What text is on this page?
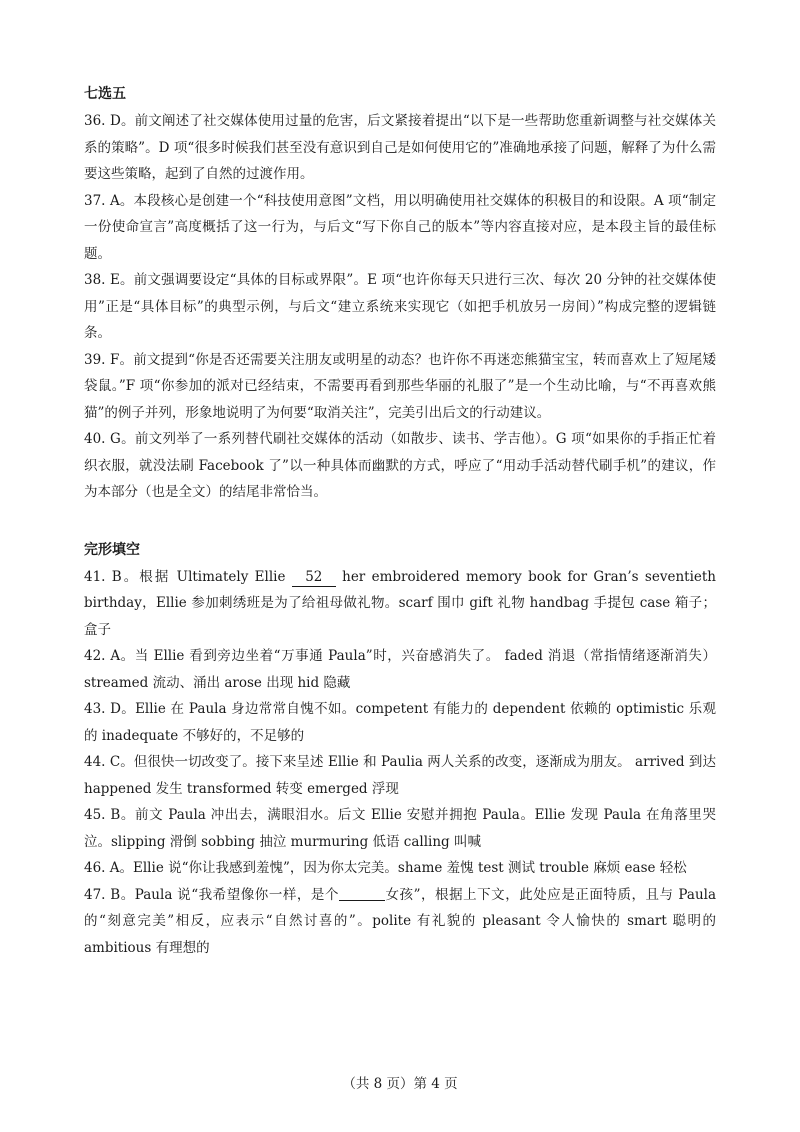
七选五

36. D。前文阐述了社交媒体使用过量的危害，后文紧接着提出“以下是一些帮助您重新调整与社交媒体关系的策略”。D 项“很多时候我们甚至没有意识到自己是如何使用它的”准确地承接了问题，解释了为什么需要这些策略，起到了自然的过渡作用。

37. A。本段核心是创建一个“科技使用意图”文档，用以明确使用社交媒体的积极目的和设限。A 项“制定一份使命宣言”高度概括了这一行为，与后文“写下你自己的版本”等内容直接对应，是本段主旨的最佳标题。

38. E。前文强调要设定“具体的目标或界限”。E 项“也许你每天只进行三次、每次 20 分钟的社交媒体使用”正是“具体目标”的典型示例，与后文“建立系统来实现它（如把手机放另一房间）”构成完整的逻辑链条。

39. F。前文提到“你是否还需要关注朋友或明星的动态？也许你不再迷恋熊猫宝宝，转而喜欢上了短尾矮袋鼠。”F 项“你参加的派对已经结束，不需要再看到那些华丽的礼服了”是一个生动比喻，与“不再喜欢熊猫”的例子并列，形象地说明了为何要“取消关注”，完美引出后文的行动建议。

40. G。前文列举了一系列替代刷社交媒体的活动（如散步、读书、学吉他）。G 项“如果你的手指正忙着织衣服，就没法刷 Facebook 了”以一种具体而幽默的方式，呼应了“用动手活动替代刷手机”的建议，作为本部分（也是全文）的结尾非常恰当。

完形填空

41. B。根据 Ultimately Ellie 52 her embroidered memory book for Gran’s seventieth birthday，Ellie 参加刺绣班是为了给祖母做礼物。scarf 围巾 gift 礼物 handbag 手提包 case 箱子；盒子

42. A。当 Ellie 看到旁边坐着“万事通 Paula”时，兴奋感消失了。 faded 消退（常指情绪逐渐消失） streamed 流动、涌出 arose 出现 hid 隐藏

43. D。Ellie 在 Paula 身边常常自愧不如。competent 有能力的 dependent 依赖的 optimistic 乐观的 inadequate 不够好的，不足够的

44. C。但很快一切改变了。接下来呈述 Ellie 和 Paulia 两人关系的改变，逐渐成为朋友。 arrived 到达 happened 发生 transformed 转变 emerged 浮现

45. B。前文 Paula 冲出去，满眼泪水。后文 Ellie 安慰并拥抱 Paula。Ellie 发现 Paula 在角落里哭泣。slipping 滑倒 sobbing 抽泣 murmuring 低语 calling 叫喊

46. A。Ellie 说“你让我感到羞愧”，因为你太完美。shame 羞愧 test 测试 trouble 麻烦 ease 轻松

47. B。Paula 说“我希望像你一样，是个	女孩”，根据上下文，此处应是正面特质，且与 Paula 的“刻意完美”相反，应表示“自然讨喜的”。polite 有礼貌的 pleasant 令人愉快的 smart 聪明的 ambitious 有理想的

（共 8 页）第 4 页
